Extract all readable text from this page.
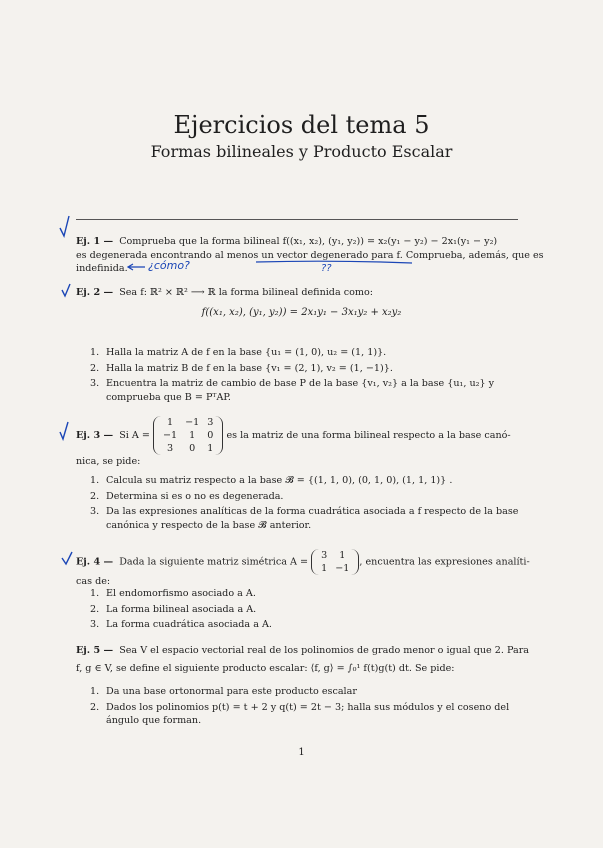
Ejercicios del tema 5
Formas bilineales y Producto Escalar
Ej. 1 — Comprueba que la forma bilineal f((x₁, x₂), (y₁, y₂)) = x₂(y₁ − y₂) − 2x₁(y₁ − y₂)
es degenerada encontrando al menos un vector degenerado para f. Comprueba, además, que es
indefinida.
Ej. 2 — Sea f: ℝ² × ℝ² ⟶ ℝ la forma bilineal definida como:
f((x₁, x₂), (y₁, y₂)) = 2x₁y₁ − 3x₁y₂ + x₂y₂
1. Halla la matriz A de f en la base {u₁ = (1, 0), u₂ = (1, 1)}.
2. Halla la matriz B de f en la base {v₁ = (2, 1), v₂ = (1, −1)}.
3. Encuentra la matriz de cambio de base P de la base {v₁, v₂} a la base {u₁, u₂} y comprueba que B = PᵀAP.
Ej. 3 — Si A =
1	−1	3
−1	1	0
3	0	1
es la matriz de una forma bilineal respecto a la base canó-
nica, se pide:
1. Calcula su matriz respecto a la base 𝓑 = {(1, 1, 0), (0, 1, 0), (1, 1, 1)} .
2. Determina si es o no es degenerada.
3. Da las expresiones analíticas de la forma cuadrática asociada a f respecto de la base canónica y respecto de la base 𝓑 anterior.
Ej. 4 — Dada la siguiente matriz simétrica A =
3	1
1	−1
, encuentra las expresiones analíti-
cas de:
1. El endomorfismo asociado a A.
2. La forma bilineal asociada a A.
3. La forma cuadrática asociada a A.
Ej. 5 — Sea V el espacio vectorial real de los polinomios de grado menor o igual que 2. Para
f, g ∈ V, se define el siguiente producto escalar: ⟨f, g⟩ = ∫₀¹ f(t)g(t) dt. Se pide:
1. Da una base ortonormal para este producto escalar
2. Dados los polinomios p(t) = t + 2 y q(t) = 2t − 3; halla sus módulos y el coseno del ángulo que forman.
1
¿cómo?	??
